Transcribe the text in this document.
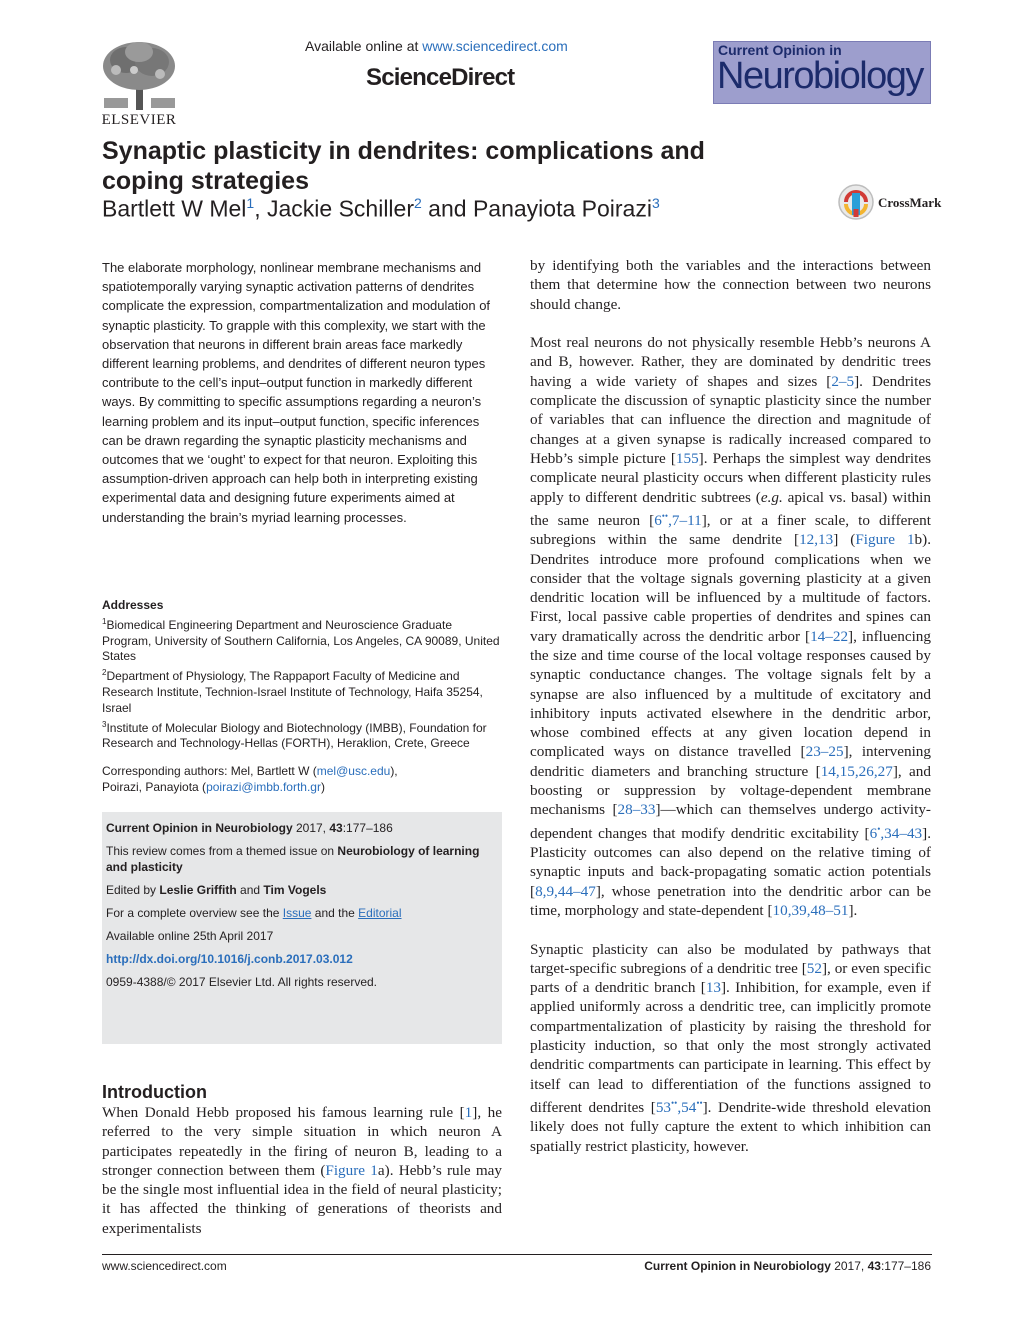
ELSEVIER
Available online at www.sciencedirect.com
ScienceDirect
Current Opinion in
Neurobiology
Synaptic plasticity in dendrites: complications and coping strategies
Bartlett W Mel$^1$, Jackie Schiller$^2$ and Panayiota Poirazi$^3$	CrossMark

The elaborate morphology, nonlinear membrane mechanisms and spatiotemporally varying synaptic activation patterns of dendrites complicate the expression, compartmentalization and modulation of synaptic plasticity. To grapple with this complexity, we start with the observation that neurons in different brain areas face markedly different learning problems, and dendrites of different neuron types contribute to the cell’s input–output function in markedly different ways. By committing to specific assumptions regarding a neuron’s learning problem and its input–output function, specific inferences can be drawn regarding the synaptic plasticity mechanisms and outcomes that we ‘ought’ to expect for that neuron. Exploiting this assumption-driven approach can help both in interpreting existing experimental data and designing future experiments aimed at understanding the brain’s myriad learning processes.

Addresses
$^1$Biomedical Engineering Department and Neuroscience Graduate Program, University of Southern California, Los Angeles, CA 90089, United States
$^2$Department of Physiology, The Rappaport Faculty of Medicine and Research Institute, Technion-Israel Institute of Technology, Haifa 35254, Israel
$^3$Institute of Molecular Biology and Biotechnology (IMBB), Foundation for Research and Technology-Hellas (FORTH), Heraklion, Crete, Greece
Corresponding authors: Mel, Bartlett W (mel@usc.edu),
Poirazi, Panayiota (poirazi@imbb.forth.gr)

Current Opinion in Neurobiology 2017, 43:177–186

This review comes from a themed issue on Neurobiology of learning and plasticity

Edited by Leslie Griffith and Tim Vogels

For a complete overview see the Issue and the Editorial

Available online 25th April 2017

http://dx.doi.org/10.1016/j.conb.2017.03.012

0959-4388/© 2017 Elsevier Ltd. All rights reserved.

Introduction

When Donald Hebb proposed his famous learning rule [1], he referred to the very simple situation in which neuron A participates repeatedly in the firing of neuron B, leading to a stronger connection between them (Figure 1a). Hebb’s rule may be the single most influential idea in the field of neural plasticity; it has affected the thinking of generations of theorists and experimentalists

by identifying both the variables and the interactions between them that determine how the connection between two neurons should change.

Most real neurons do not physically resemble Hebb’s neurons A and B, however. Rather, they are dominated by dendritic trees having a wide variety of shapes and sizes [2–5]. Dendrites complicate the discussion of synaptic plasticity since the number of variables that can influence the direction and magnitude of changes at a given synapse is radically increased compared to Hebb’s simple picture [155]. Perhaps the simplest way dendrites complicate neural plasticity occurs when different plasticity rules apply to different dendritic subtrees (e.g. apical vs. basal) within the same neuron [6••,7–11], or at a finer scale, to different subregions within the same dendrite [12,13] (Figure 1b). Dendrites introduce more profound complications when we consider that the voltage signals governing plasticity at a given dendritic location will be influenced by a multitude of factors. First, local passive cable properties of dendrites and spines can vary dramatically across the dendritic arbor [14–22], influencing the size and time course of the local voltage responses caused by synaptic conductance changes. The voltage signals felt by a synapse are also influenced by a multitude of excitatory and inhibitory inputs activated elsewhere in the dendritic arbor, whose combined effects at any given location depend in complicated ways on distance travelled [23–25], intervening dendritic diameters and branching structure [14,15,26,27], and boosting or suppression by voltage-dependent membrane mechanisms [28–33]—which can themselves undergo activity-dependent changes that modify dendritic excitability [6•,34–43]. Plasticity outcomes can also depend on the relative timing of synaptic inputs and back-propagating somatic action potentials [8,9,44–47], whose penetration into the dendritic arbor can be time, morphology and state-dependent [10,39,48–51].

Synaptic plasticity can also be modulated by pathways that target-specific subregions of a dendritic tree [52], or even specific parts of a dendritic branch [13]. Inhibition, for example, even if applied uniformly across a dendritic tree, can implicitly promote compartmentalization of plasticity by raising the threshold for plasticity induction, so that only the most strongly activated dendritic compartments can participate in learning. This effect by itself can lead to differentiation of the functions assigned to different dendrites [53••,54••]. Dendrite-wide threshold elevation likely does not fully capture the extent to which inhibition can spatially restrict plasticity, however.

www.sciencedirect.com	Current Opinion in Neurobiology 2017, 43:177–186
